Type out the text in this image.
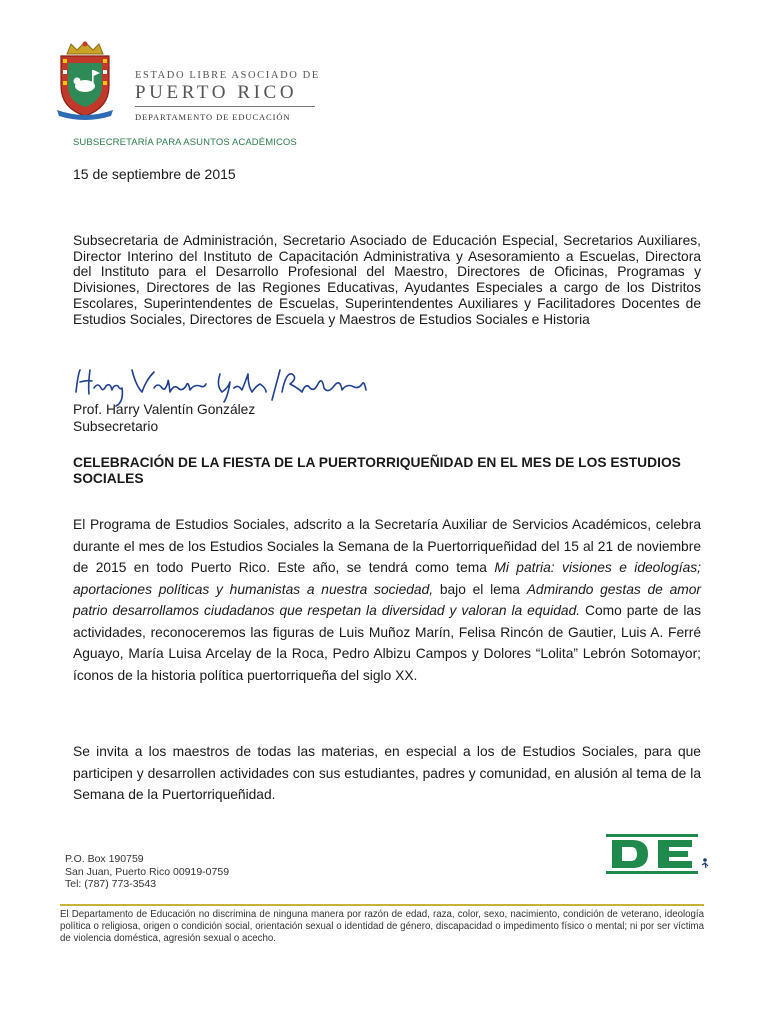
ESTADO LIBRE ASOCIADO DE
PUERTO RICO
DEPARTAMENTO DE EDUCACIÓN
SUBSECRETARÍA PARA ASUNTOS ACADÉMICOS
15 de septiembre de 2015
Subsecretaria de Administración, Secretario Asociado de Educación Especial, Secretarios Auxiliares, Director Interino del Instituto de Capacitación Administrativa y Asesoramiento a Escuelas, Directora del Instituto para el Desarrollo Profesional del Maestro, Directores de Oficinas, Programas y Divisiones, Directores de las Regiones Educativas, Ayudantes Especiales a cargo de los Distritos Escolares, Superintendentes de Escuelas, Superintendentes Auxiliares y Facilitadores Docentes de Estudios Sociales, Directores de Escuela y Maestros de Estudios Sociales e Historia
Prof. Harry Valentín González
Subsecretario
CELEBRACIÓN DE LA FIESTA DE LA PUERTORRIQUEÑIDAD EN EL MES DE LOS ESTUDIOS SOCIALES
El Programa de Estudios Sociales, adscrito a la Secretaría Auxiliar de Servicios Académicos, celebra durante el mes de los Estudios Sociales la Semana de la Puertorriqueñidad del 15 al 21 de noviembre de 2015 en todo Puerto Rico. Este año, se tendrá como tema Mi patria: visiones e ideologías; aportaciones políticas y humanistas a nuestra sociedad, bajo el lema Admirando gestas de amor patrio desarrollamos ciudadanos que respetan la diversidad y valoran la equidad. Como parte de las actividades, reconoceremos las figuras de Luis Muñoz Marín, Felisa Rincón de Gautier, Luis A. Ferré Aguayo, María Luisa Arcelay de la Roca, Pedro Albizu Campos y Dolores “Lolita” Lebrón Sotomayor; íconos de la historia política puertorriqueña del siglo XX.
Se invita a los maestros de todas las materias, en especial a los de Estudios Sociales, para que participen y desarrollen actividades con sus estudiantes, padres y comunidad, en alusión al tema de la Semana de la Puertorriqueñidad.
P.O. Box 190759
San Juan, Puerto Rico 00919-0759
Tel: (787) 773-3543
El Departamento de Educación no discrimina de ninguna manera por razón de edad, raza, color, sexo, nacimiento, condición de veterano, ideología política o religiosa, origen o condición social, orientación sexual o identidad de género, discapacidad o impedimento físico o mental; ni por ser víctima de violencia doméstica, agresión sexual o acecho.
